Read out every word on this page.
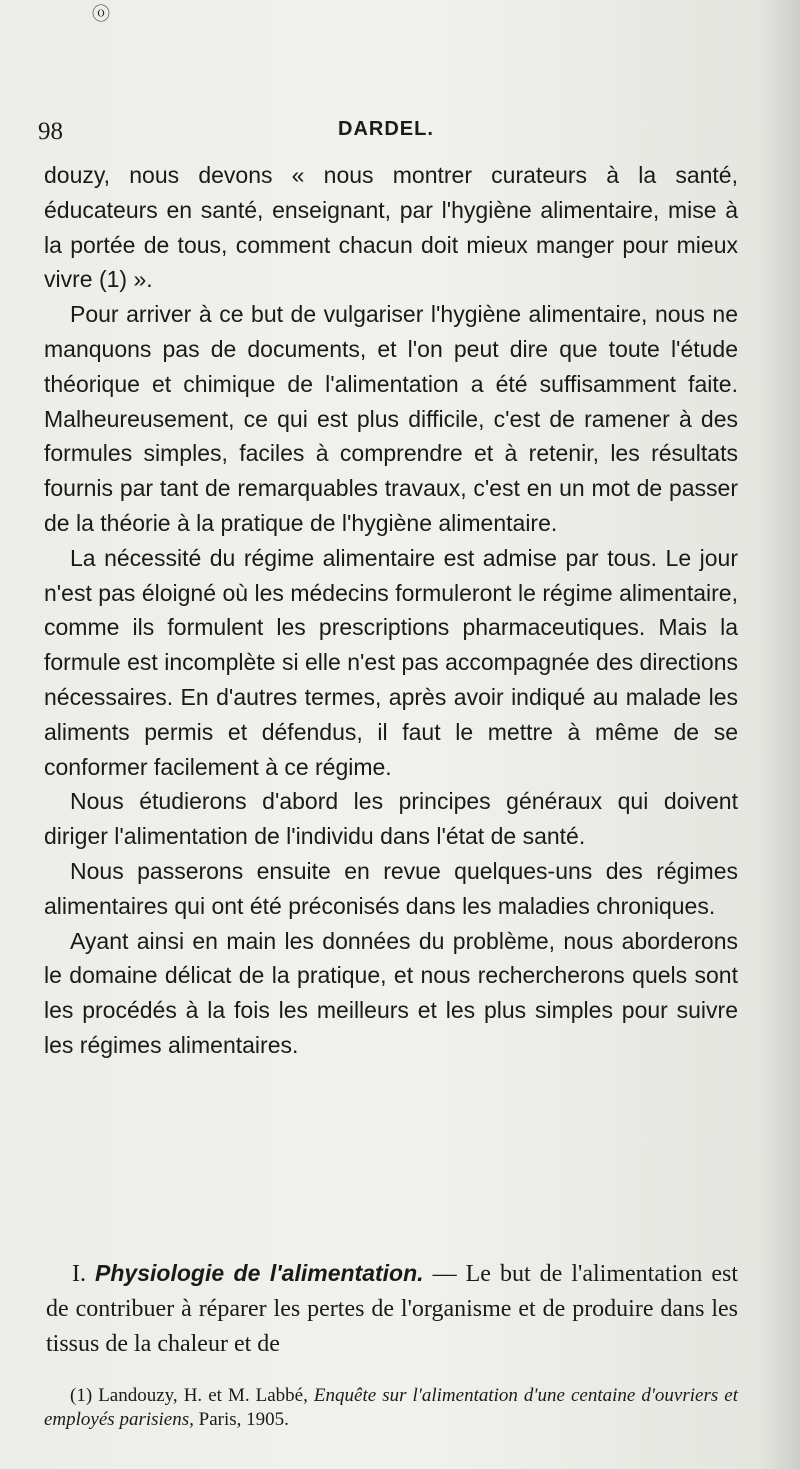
ⓞ
98	DARDEL.

douzy, nous devons « nous montrer curateurs à la santé, éducateurs en santé, enseignant, par l'hygiène alimentaire, mise à la portée de tous, comment chacun doit mieux manger pour mieux vivre (1) ».

Pour arriver à ce but de vulgariser l'hygiène alimentaire, nous ne manquons pas de documents, et l'on peut dire que toute l'étude théorique et chimique de l'alimentation a été suffisamment faite. Malheureusement, ce qui est plus difficile, c'est de ramener à des formules simples, faciles à comprendre et à retenir, les résultats fournis par tant de remarquables travaux, c'est en un mot de passer de la théorie à la pratique de l'hygiène alimentaire.

La nécessité du régime alimentaire est admise par tous. Le jour n'est pas éloigné où les médecins formuleront le régime alimentaire, comme ils formulent les prescriptions pharmaceutiques. Mais la formule est incomplète si elle n'est pas accompagnée des directions nécessaires. En d'autres termes, après avoir indiqué au malade les aliments permis et défendus, il faut le mettre à même de se conformer facilement à ce régime.

Nous étudierons d'abord les principes généraux qui doivent diriger l'alimentation de l'individu dans l'état de santé.

Nous passerons ensuite en revue quelques-uns des régimes alimentaires qui ont été préconisés dans les maladies chroniques.

Ayant ainsi en main les données du problème, nous aborderons le domaine délicat de la pratique, et nous rechercherons quels sont les procédés à la fois les meilleurs et les plus simples pour suivre les régimes alimentaires.

I. Physiologie de l'alimentation. — Le but de l'alimentation est de contribuer à réparer les pertes de l'organisme et de produire dans les tissus de la chaleur et de
(1) Landouzy, H. et M. Labbé, Enquête sur l'alimentation d'une centaine d'ouvriers et employés parisiens, Paris, 1905.
